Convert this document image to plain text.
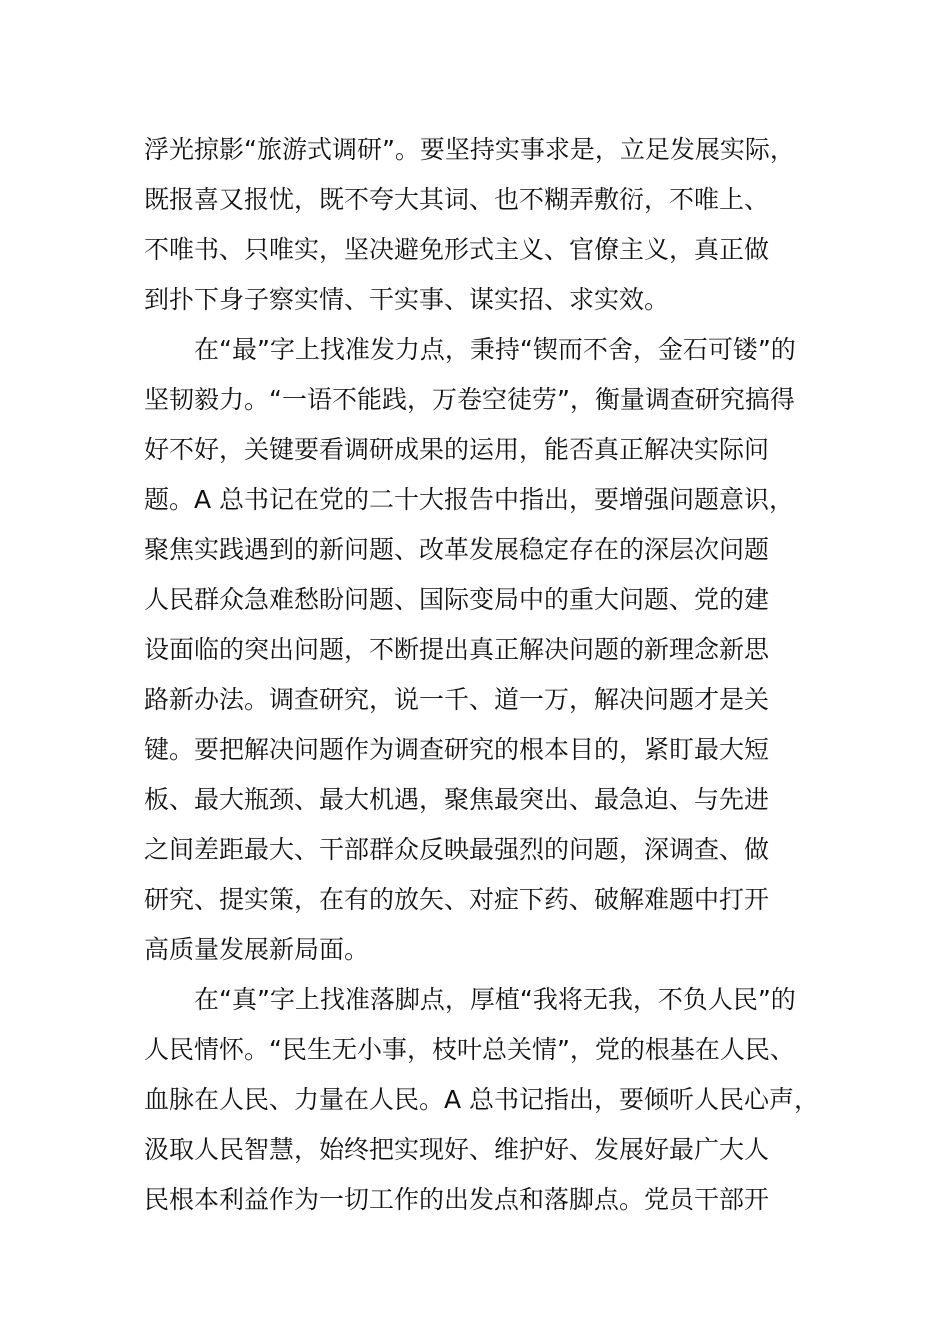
浮光掠影“旅游式调研”。要坚持实事求是，立足发展实际，
既报喜又报忧，既不夸大其词、也不糊弄敷衍，不唯上、
不唯书、只唯实，坚决避免形式主义、官僚主义，真正做
到扑下身子察实情、干实事、谋实招、求实效。
在“最”字上找准发力点，秉持“锲而不舍，金石可镂”的
坚韧毅力。“一语不能践，万卷空徒劳”，衡量调查研究搞得
好不好，关键要看调研成果的运用，能否真正解决实际问
题。A 总书记在党的二十大报告中指出，要增强问题意识，
聚焦实践遇到的新问题、改革发展稳定存在的深层次问题
人民群众急难愁盼问题、国际变局中的重大问题、党的建
设面临的突出问题，不断提出真正解决问题的新理念新思
路新办法。调查研究，说一千、道一万，解决问题才是关
键。要把解决问题作为调查研究的根本目的，紧盯最大短
板、最大瓶颈、最大机遇，聚焦最突出、最急迫、与先进
之间差距最大、干部群众反映最强烈的问题，深调查、做
研究、提实策，在有的放矢、对症下药、破解难题中打开
高质量发展新局面。
在“真”字上找准落脚点，厚植“我将无我，不负人民”的
人民情怀。“民生无小事，枝叶总关情”，党的根基在人民、
血脉在人民、力量在人民。A 总书记指出，要倾听人民心声，
汲取人民智慧，始终把实现好、维护好、发展好最广大人
民根本利益作为一切工作的出发点和落脚点。党员干部开
